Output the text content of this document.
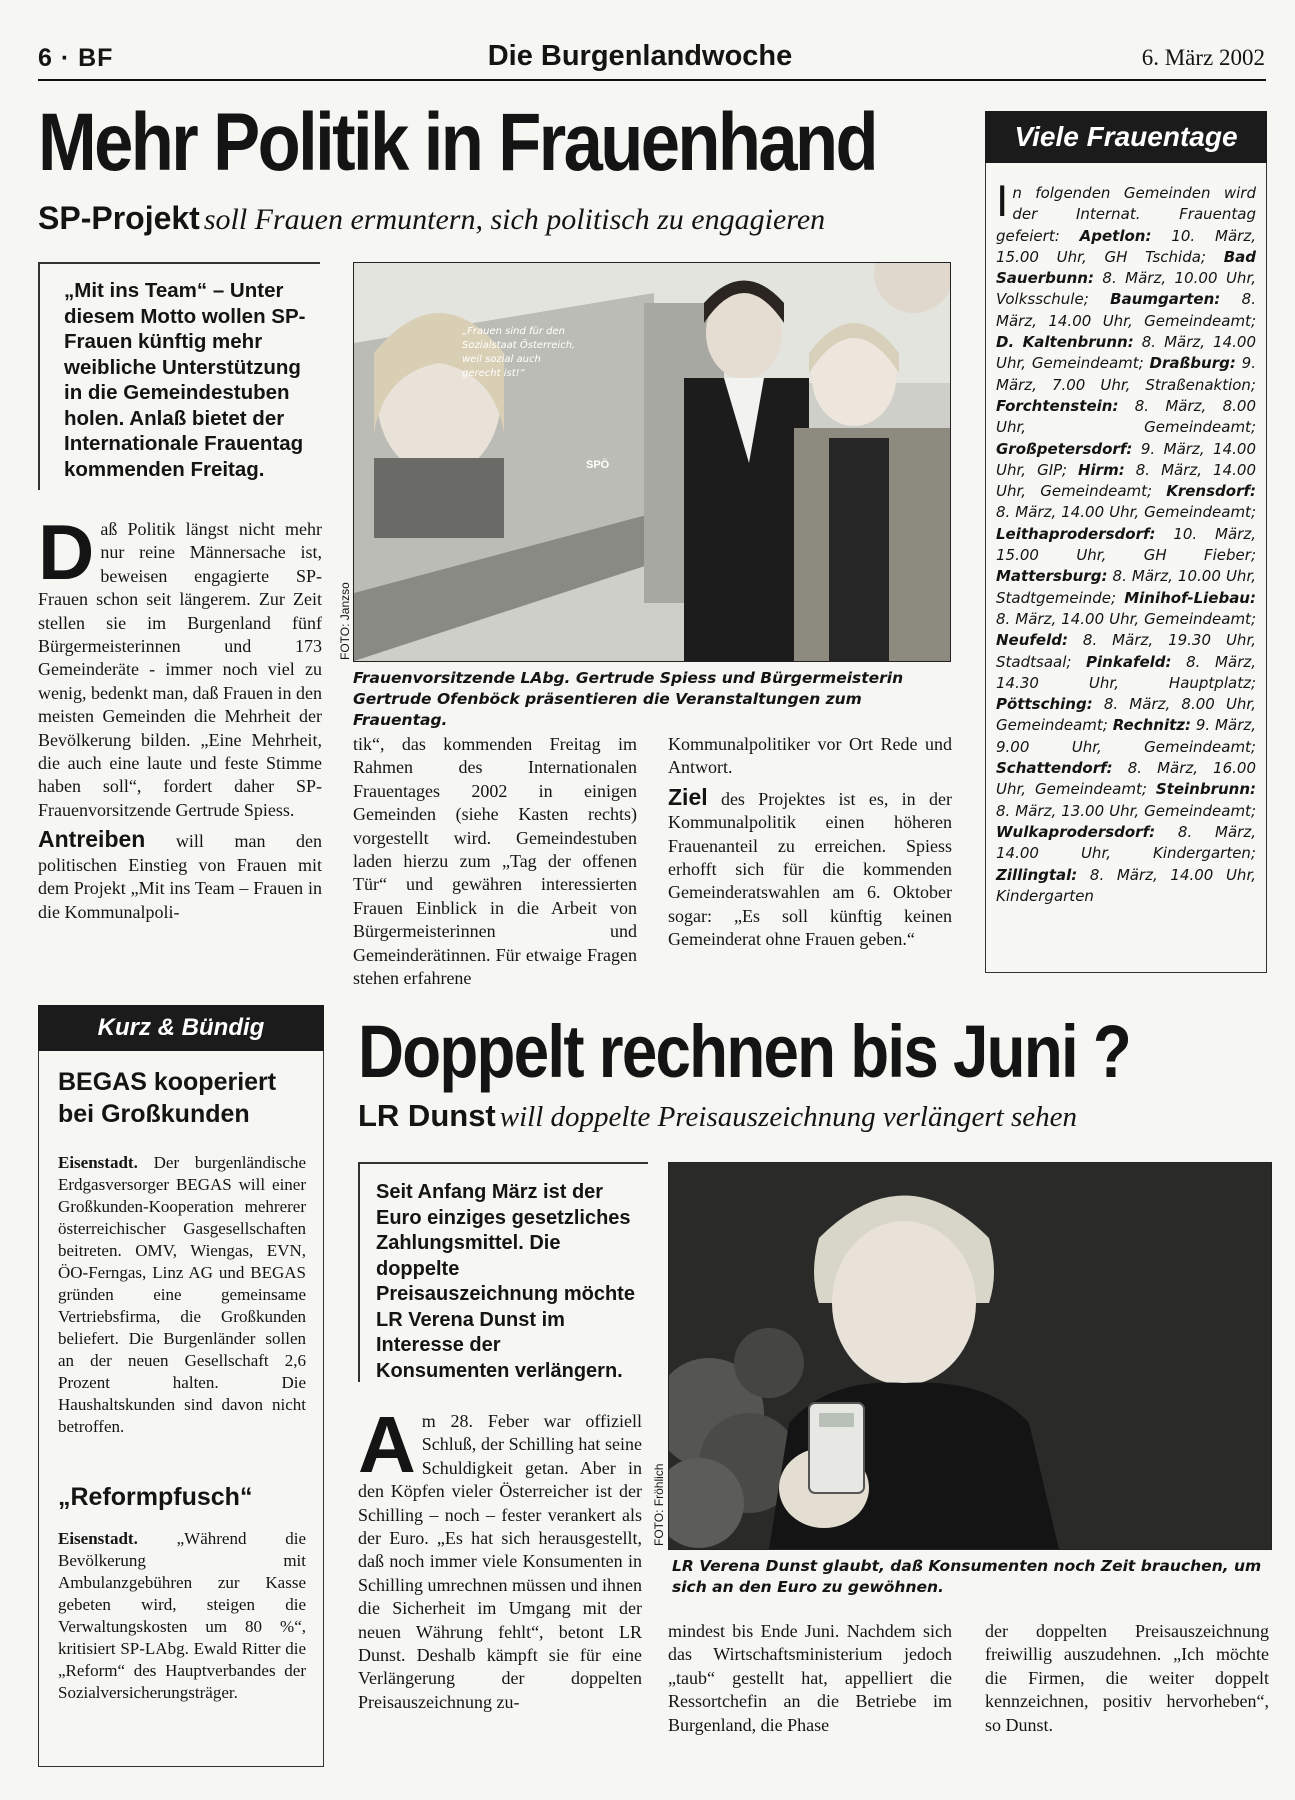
6 · BF	Die Burgenlandwoche	6. März 2002
Mehr Politik in Frauenhand
SP-Projekt soll Frauen ermuntern, sich politisch zu engagieren
„Mit ins Team“ – Unter diesem Motto wollen SP-Frauen künftig mehr weibliche Unterstützung in die Gemeindestuben holen. Anlaß bietet der Internationale Frauentag kommenden Freitag.

Daß Politik längst nicht mehr nur reine Männersache ist, beweisen engagierte SP-Frauen schon seit längerem. Zur Zeit stellen sie im Burgenland fünf Bürgermeisterinnen und 173 Gemeinderäte - immer noch viel zu wenig, bedenkt man, daß Frauen in den meisten Gemeinden die Mehrheit der Bevölkerung bilden. „Eine Mehrheit, die auch eine laute und feste Stimme haben soll“, fordert daher SP-Frauenvorsitzende Gertrude Spiess.

Antreiben will man den politischen Einstieg von Frauen mit dem Projekt „Mit ins Team – Frauen in die Kommunalpoli-

„Frauen sind für den Sozialstaat Österreich, weil sozial auch gerecht ist!“
SPÖ
FOTO: Janzso
Frauenvorsitzende LAbg. Gertrude Spiess und Bürgermeisterin Gertrude Ofenböck präsentieren die Veranstaltungen zum Frauentag.
tik“, das kommenden Freitag im Rahmen des Internationalen Frauentages 2002 in einigen Gemeinden (siehe Kasten rechts) vorgestellt wird. Gemeindestuben laden hierzu zum „Tag der offenen Tür“ und gewähren interessierten Frauen Einblick in die Arbeit von Bürgermeisterinnen und Gemeinderätinnen. Für etwaige Fragen stehen erfahrene

Kommunalpolitiker vor Ort Rede und Antwort.

Ziel des Projektes ist es, in der Kommunalpolitik einen höheren Frauenanteil zu erreichen. Spiess erhofft sich für die kommenden Gemeinderatswahlen am 6. Oktober sogar: „Es soll künftig keinen Gemeinderat ohne Frauen geben.“

Viele Frauentage
In folgenden Gemeinden wird der Internat. Frauentag gefeiert: Apetlon: 10. März, 15.00 Uhr, GH Tschida; Bad Sauerbunn: 8. März, 10.00 Uhr, Volksschule; Baumgarten: 8. März, 14.00 Uhr, Gemeindeamt; D. Kaltenbrunn: 8. März, 14.00 Uhr, Gemeindeamt; Draßburg: 9. März, 7.00 Uhr, Straßenaktion; Forchtenstein: 8. März, 8.00 Uhr, Gemeindeamt; Großpetersdorf: 9. März, 14.00 Uhr, GIP; Hirm: 8. März, 14.00 Uhr, Gemeindeamt; Krensdorf: 8. März, 14.00 Uhr, Gemeindeamt; Leithaprodersdorf: 10. März, 15.00 Uhr, GH Fieber; Mattersburg: 8. März, 10.00 Uhr, Stadtgemeinde; Minihof-Liebau: 8. März, 14.00 Uhr, Gemeindeamt; Neufeld: 8. März, 19.30 Uhr, Stadtsaal; Pinkafeld: 8. März, 14.30 Uhr, Hauptplatz; Pöttsching: 8. März, 8.00 Uhr, Gemeindeamt; Rechnitz: 9. März, 9.00 Uhr, Gemeindeamt; Schattendorf: 8. März, 16.00 Uhr, Gemeindeamt; Steinbrunn: 8. März, 13.00 Uhr, Gemeindeamt; Wulkaprodersdorf: 8. März, 14.00 Uhr, Kindergarten; Zillingtal: 8. März, 14.00 Uhr, Kindergarten
Kurz & Bündig
BEGAS kooperiert bei Großkunden
Eisenstadt. Der burgenländische Erdgasversorger BEGAS will einer Großkunden-Kooperation mehrerer österreichischer Gasgesellschaften beitreten. OMV, Wiengas, EVN, ÖO-Ferngas, Linz AG und BEGAS gründen eine gemeinsame Vertriebsfirma, die Großkunden beliefert. Die Burgenländer sollen an der neuen Gesellschaft 2,6 Prozent halten. Die Haushaltskunden sind davon nicht betroffen.
„Reformpfusch“
Eisenstadt. „Während die Bevölkerung mit Ambulanzgebühren zur Kasse gebeten wird, steigen die Verwaltungskosten um 80 %“, kritisiert SP-LAbg. Ewald Ritter die „Reform“ des Hauptverbandes der Sozialversicherungsträger.
Doppelt rechnen bis Juni ?
LR Dunst will doppelte Preisauszeichnung verlängert sehen
Seit Anfang März ist der Euro einziges gesetzliches Zahlungsmittel. Die doppelte Preisauszeichnung möchte LR Verena Dunst im Interesse der Konsumenten verlängern.
FOTO: Fröhlich
LR Verena Dunst glaubt, daß Konsumenten noch Zeit brauchen, um sich an den Euro zu gewöhnen.
Am 28. Feber war offiziell Schluß, der Schilling hat seine Schuldigkeit getan. Aber in den Köpfen vieler Österreicher ist der Schilling – noch – fester verankert als der Euro. „Es hat sich herausgestellt, daß noch immer viele Konsumenten in Schilling umrechnen müssen und ihnen die Sicherheit im Umgang mit der neuen Währung fehlt“, betont LR Dunst. Deshalb kämpft sie für eine Verlängerung der doppelten Preisauszeichnung zu-
mindest bis Ende Juni. Nachdem sich das Wirtschaftsministerium jedoch „taub“ gestellt hat, appelliert die Ressortchefin an die Betriebe im Burgenland, die Phase
der doppelten Preisauszeichnung freiwillig auszudehnen. „Ich möchte die Firmen, die weiter doppelt kennzeichnen, positiv hervorheben“, so Dunst.
